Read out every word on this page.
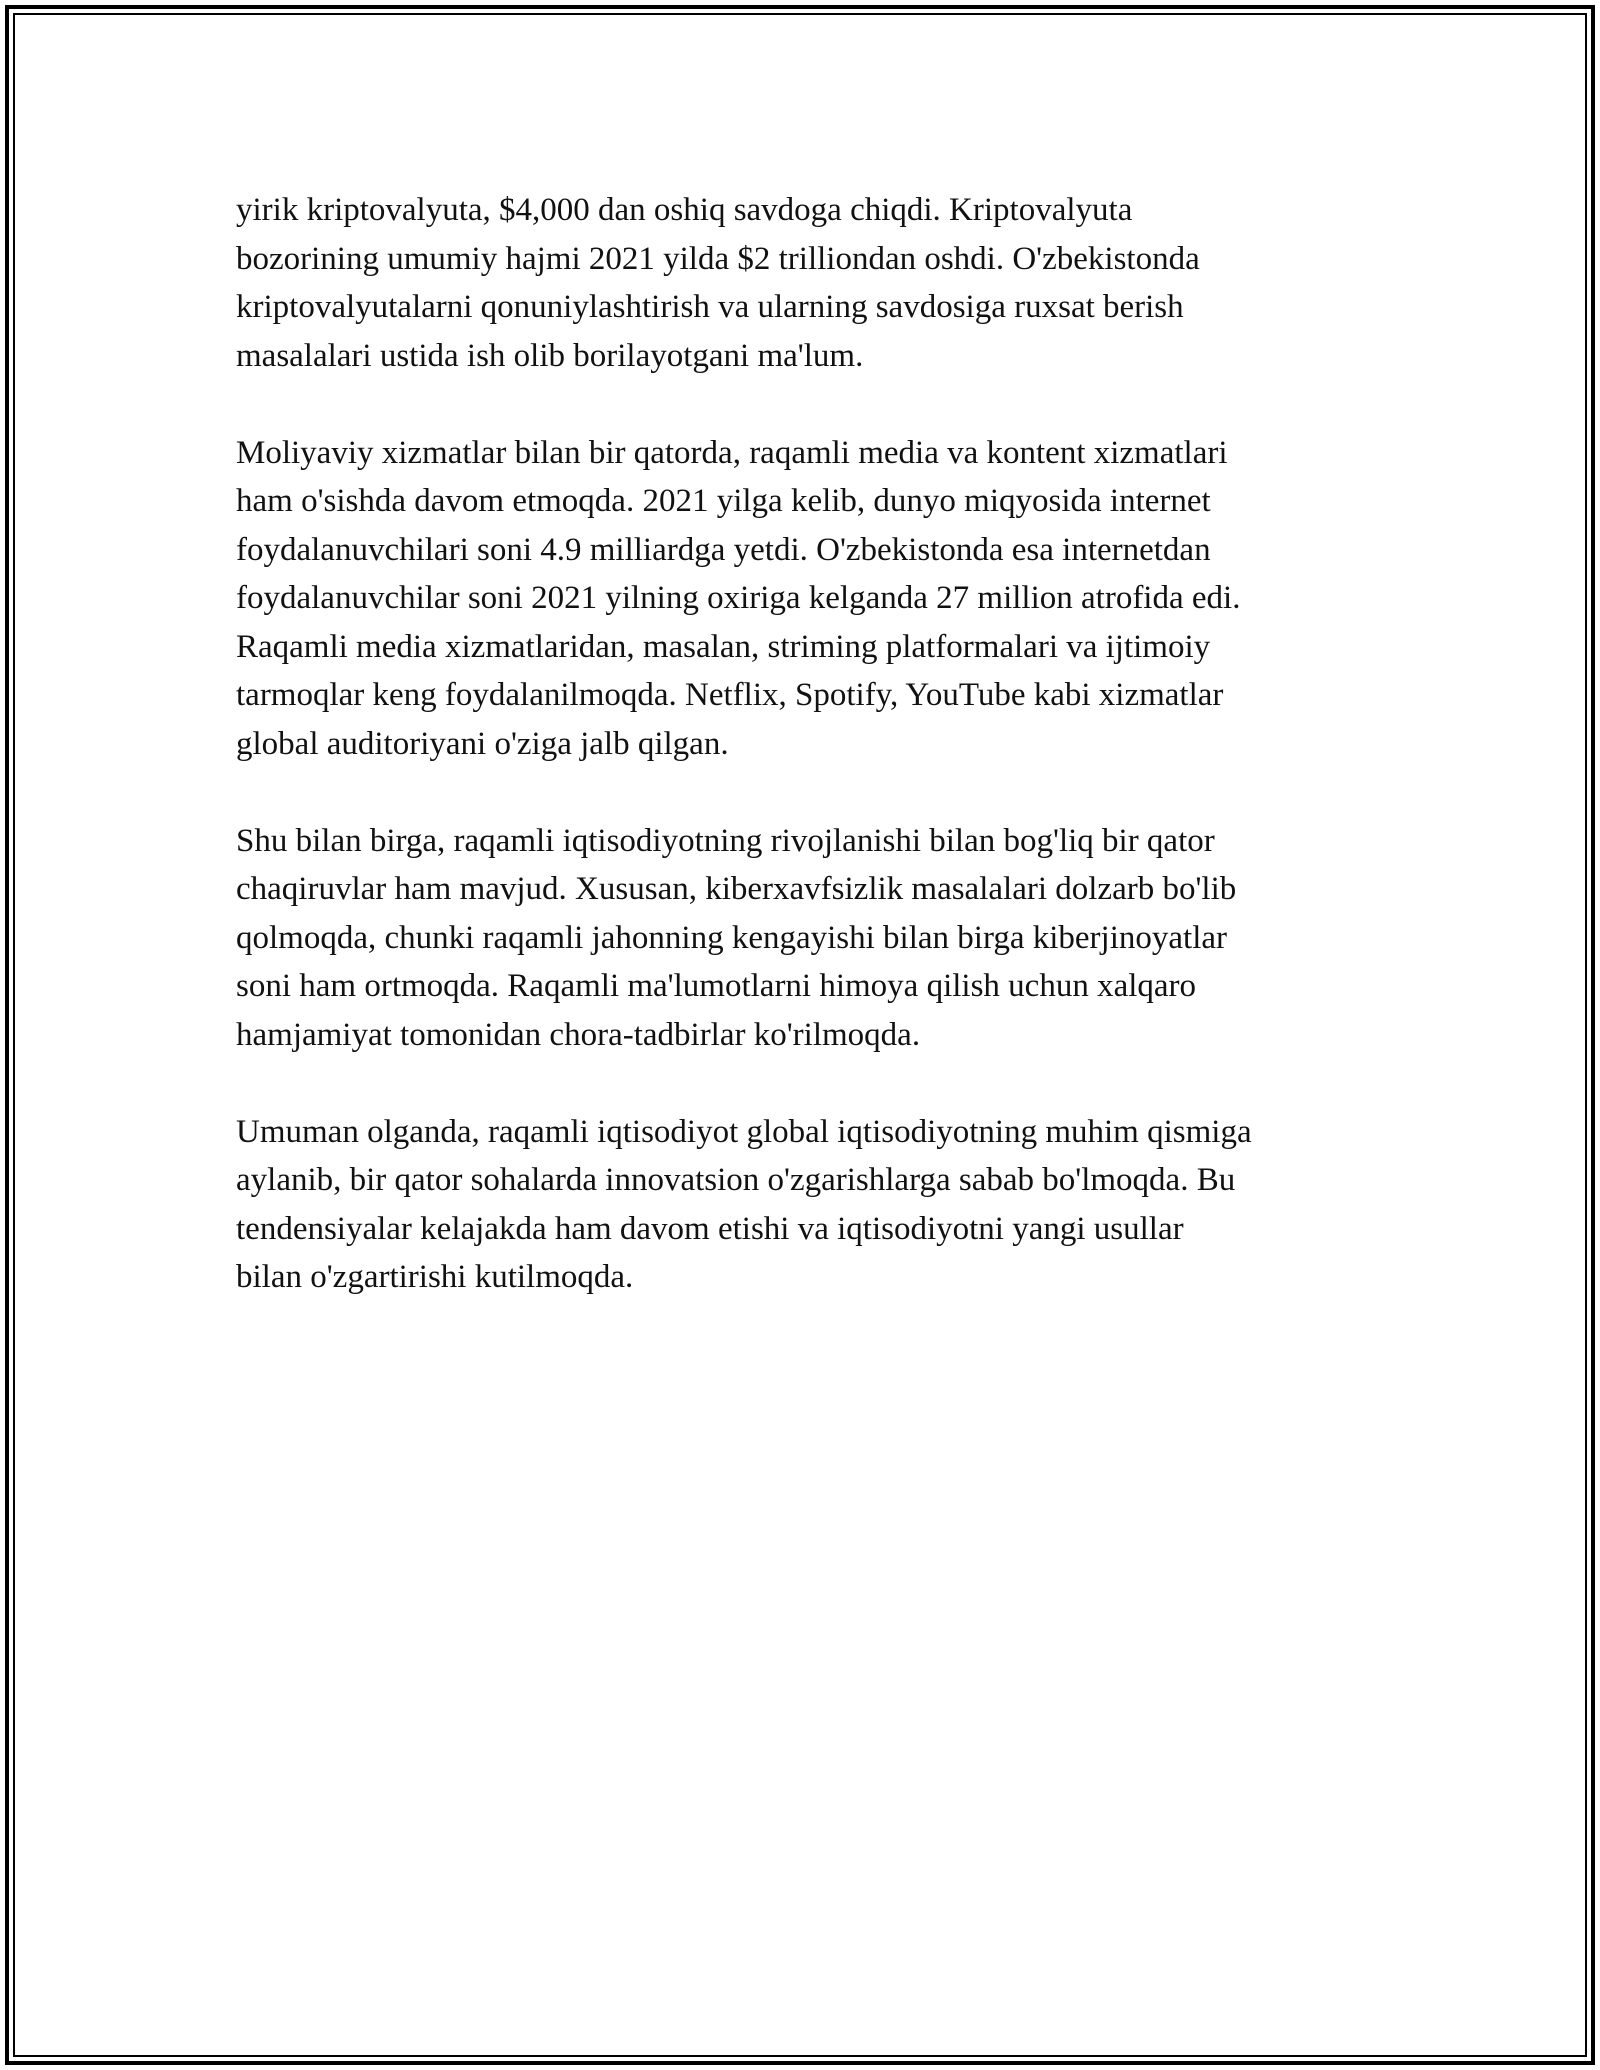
yirik kriptovalyuta, $4,000 dan oshiq savdoga chiqdi. Kriptovalyuta
bozorining umumiy hajmi 2021 yilda $2 trilliondan oshdi. O'zbekistonda
kriptovalyutalarni qonuniylashtirish va ularning savdosiga ruxsat berish
masalalari ustida ish olib borilayotgani ma'lum.

Moliyaviy xizmatlar bilan bir qatorda, raqamli media va kontent xizmatlari
ham o'sishda davom etmoqda. 2021 yilga kelib, dunyo miqyosida internet
foydalanuvchilari soni 4.9 milliardga yetdi. O'zbekistonda esa internetdan
foydalanuvchilar soni 2021 yilning oxiriga kelganda 27 million atrofida edi.
Raqamli media xizmatlaridan, masalan, striming platformalari va ijtimoiy
tarmoqlar keng foydalanilmoqda. Netflix, Spotify, YouTube kabi xizmatlar
global auditoriyani o'ziga jalb qilgan.

Shu bilan birga, raqamli iqtisodiyotning rivojlanishi bilan bog'liq bir qator
chaqiruvlar ham mavjud. Xususan, kiberxavfsizlik masalalari dolzarb bo'lib
qolmoqda, chunki raqamli jahonning kengayishi bilan birga kiberjinoyatlar
soni ham ortmoqda. Raqamli ma'lumotlarni himoya qilish uchun xalqaro
hamjamiyat tomonidan chora-tadbirlar ko'rilmoqda.

Umuman olganda, raqamli iqtisodiyot global iqtisodiyotning muhim qismiga
aylanib, bir qator sohalarda innovatsion o'zgarishlarga sabab bo'lmoqda. Bu
tendensiyalar kelajakda ham davom etishi va iqtisodiyotni yangi usullar
bilan o'zgartirishi kutilmoqda.
